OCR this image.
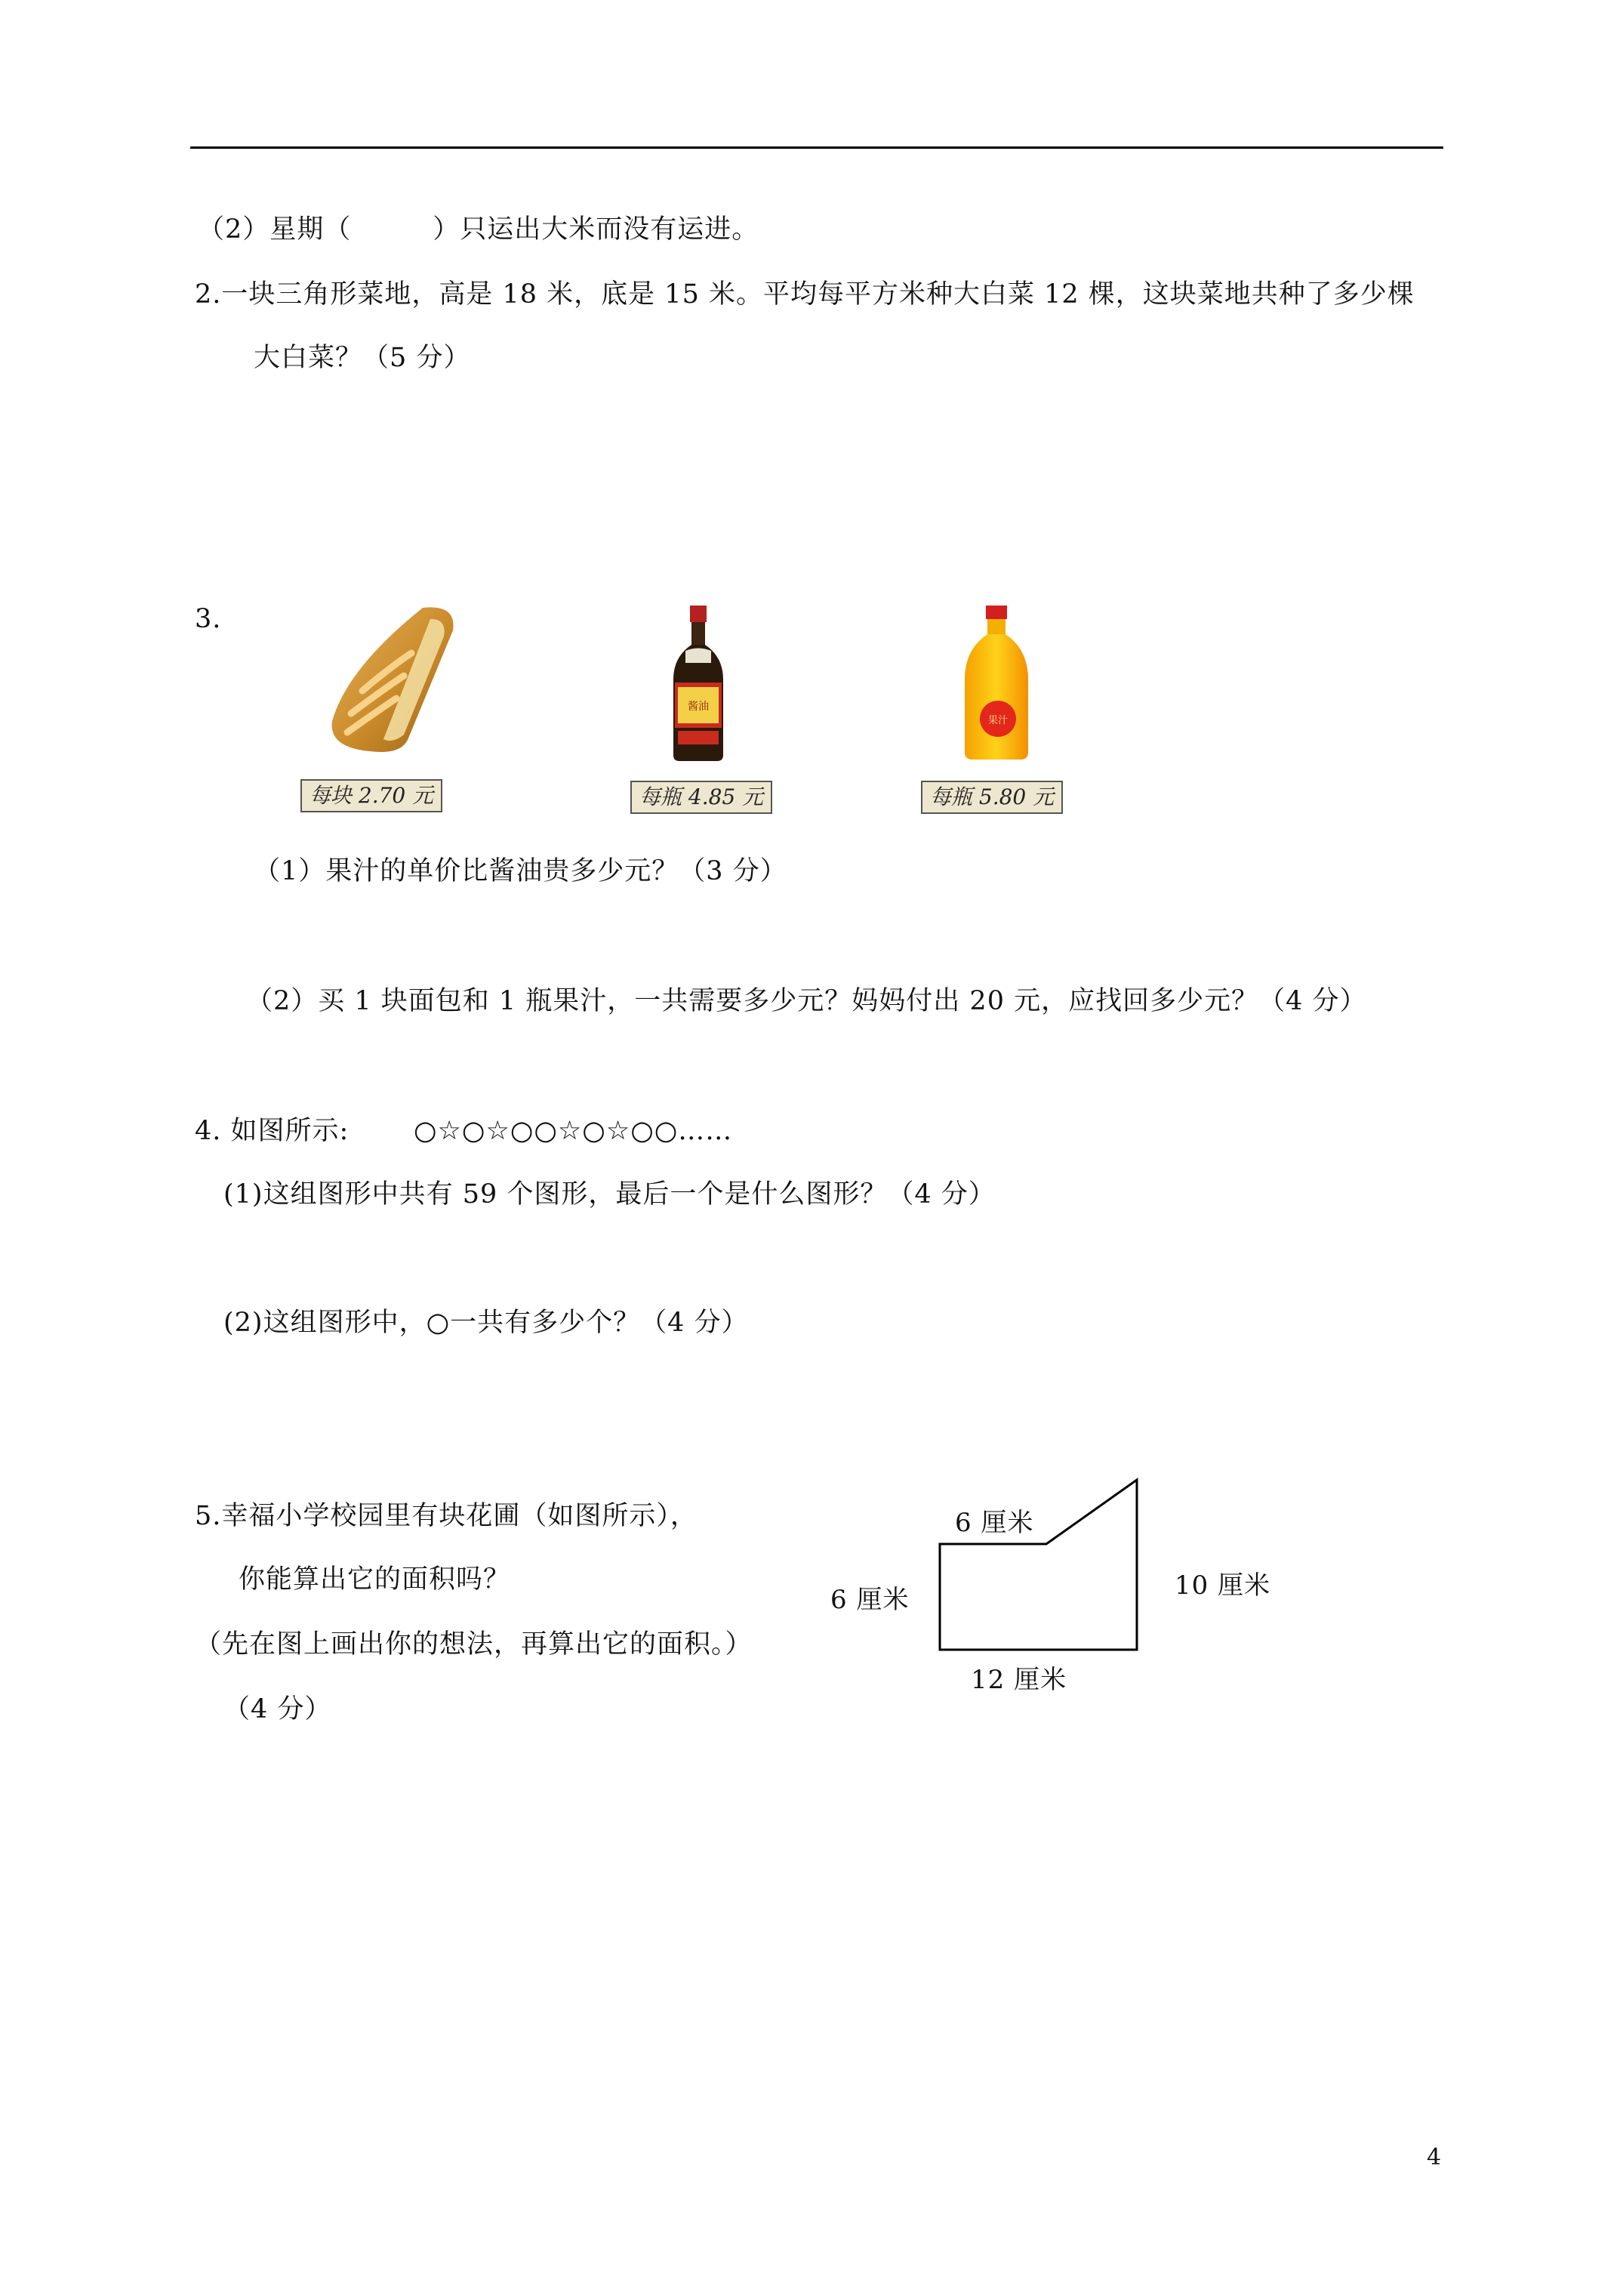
（2）星期（　　　）只运出大米而没有运进。
2.一块三角形菜地，高是 18 米，底是 15 米。平均每平方米种大白菜 12 棵，这块菜地共种了多少棵
大白菜？（5 分）
3.
每块 2.70 元
酱油
每瓶 4.85 元
果汁
每瓶 5.80 元
（1）果汁的单价比酱油贵多少元？（3 分）
（2）买 1 块面包和 1 瓶果汁，一共需要多少元？妈妈付出 20 元，应找回多少元？（4 分）
4. 如图所示: ○☆○☆○○☆○☆○○……
(1)这组图形中共有 59 个图形，最后一个是什么图形？（4 分）
(2)这组图形中，○一共有多少个？（4 分）
5.幸福小学校园里有块花圃（如图所示），
你能算出它的面积吗？
（先在图上画出你的想法，再算出它的面积。）
（4 分）
6 厘米
6 厘米	10 厘米
12 厘米
4
